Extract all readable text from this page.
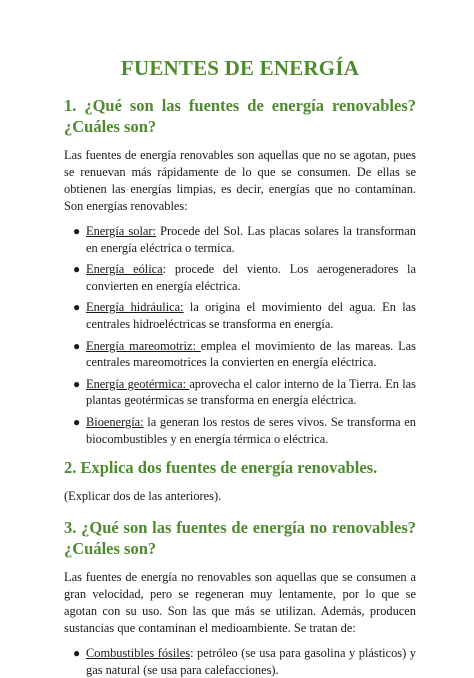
FUENTES DE ENERGÍA
1. ¿Qué son las fuentes de energía renovables? ¿Cuáles son?

Las fuentes de energía renovables son aquellas que no se agotan, pues se renuevan más rápidamente de lo que se consumen. De ellas se obtienen las energías limpias, es decir, energías que no contaminan. Son energías renovables:

● Energía solar: Procede del Sol. Las placas solares la transforman en energía eléctrica o termica.
● Energía eólica: procede del viento. Los aerogeneradores la convierten en energía eléctrica.
● Energía hidráulica: la origina el movimiento del agua. En las centrales hidroeléctricas se transforma en energía.
● Energía mareomotriz: emplea el movimiento de las mareas. Las centrales mareomotrices la convierten en energía eléctrica.
● Energía geotérmica: aprovecha el calor interno de la Tierra. En las plantas geotérmicas se transforma en energía eléctrica.
● Bioenergía: la generan los restos de seres vivos. Se transforma en biocombustibles y en energía térmica o eléctrica.
2. Explica dos fuentes de energía renovables.

(Explicar dos de las anteriores).

3. ¿Qué son las fuentes de energía no renovables? ¿Cuáles son?

Las fuentes de energía no renovables son aquellas que se consumen a gran velocidad, pero se regeneran muy lentamente, por lo que se agotan con su uso. Son las que más se utilizan. Además, producen sustancias que contaminan el medioambiente. Se tratan de:

● Combustibles fósiles: petróleo (se usa para gasolina y plásticos) y gas natural (se usa para calefacciones).
